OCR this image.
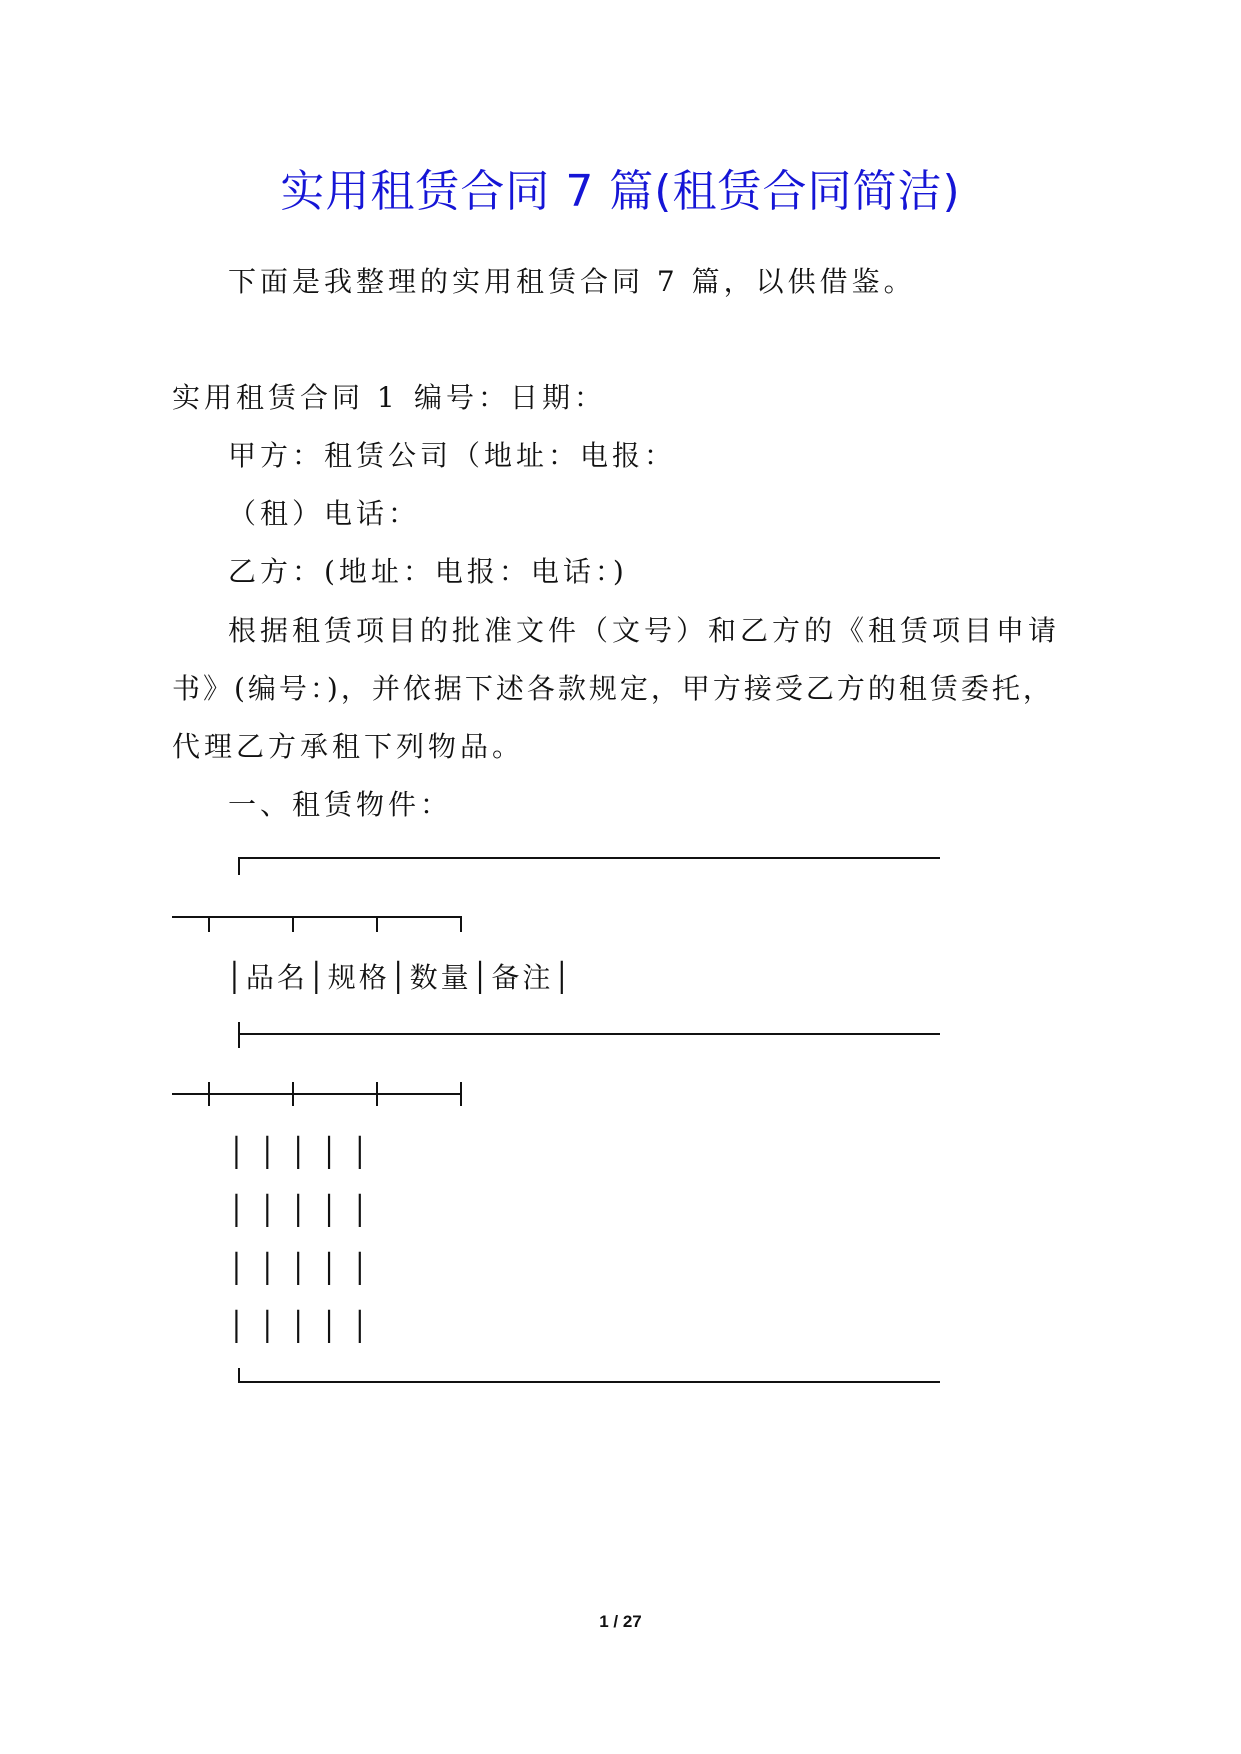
实用租赁合同 7 篇(租赁合同简洁)
下面是我整理的实用租赁合同 7 篇，以供借鉴。
实用租赁合同 1 编号：日期：
甲方：租赁公司（地址：电报：
（租）电话：
乙方：(地址：电报：电话：)
根据租赁项目的批准文件（文号）和乙方的《租赁项目申请
书》(编号：)，并依据下述各款规定，甲方接受乙方的租赁委托，
代理乙方承租下列物品。
一、租赁物件：
│品名│规格│数量│备注│
│││││
│││││
│││││
│││││
1 / 27
